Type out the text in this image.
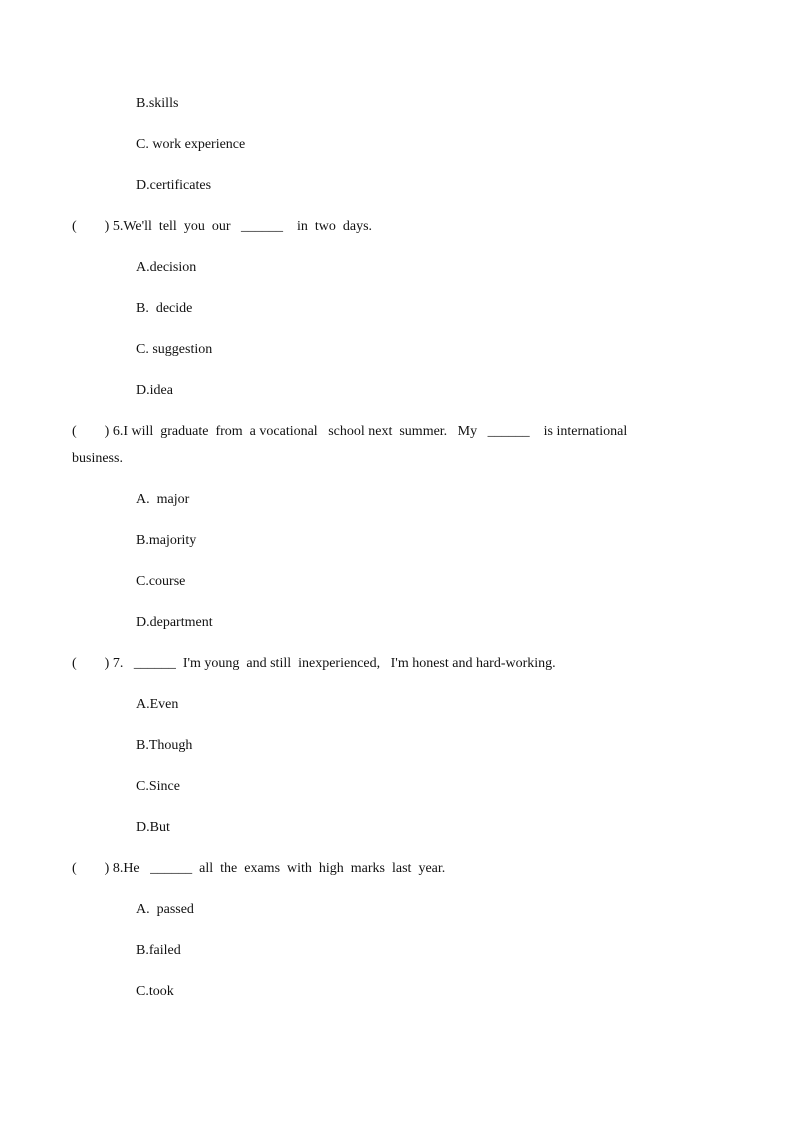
B.skills
C. work experience
D.certificates
(        ) 5.We'll  tell  you  our   ______    in  two  days.
A.decision
B.  decide
C. suggestion
D.idea
(        ) 6.I will  graduate  from  a vocational   school next  summer.   My   ______    is international
business.
A.  major
B.majority
C.course
D.department
(        ) 7.   ______  I'm young  and still  inexperienced,   I'm honest and hard-working.
A.Even
B.Though
C.Since
D.But
(        ) 8.He   ______  all  the  exams  with  high  marks  last  year.
A.  passed
B.failed
C.took
